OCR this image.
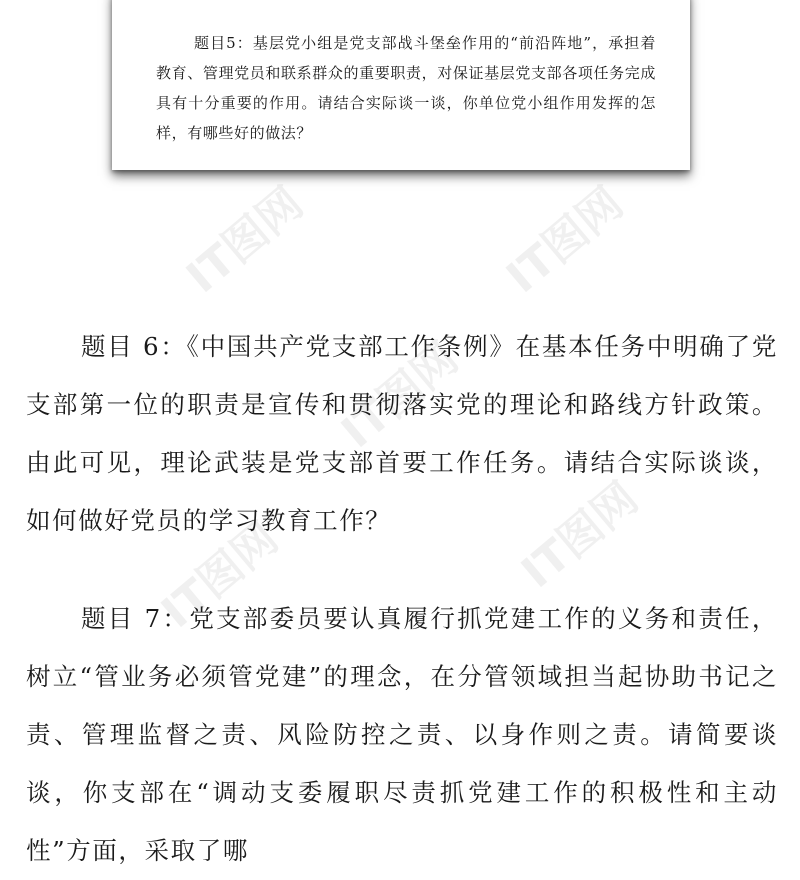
IT图网	IT图网
IT图网
IT图网
IT图网

题目5：基层党小组是党支部战斗堡垒作用的“前沿阵地”，承担着教育、管理党员和联系群众的重要职责，对保证基层党支部各项任务完成具有十分重要的作用。请结合实际谈一谈，你单位党小组作用发挥的怎样，有哪些好的做法？

题目 6：《中国共产党支部工作条例》在基本任务中明确了党支部第一位的职责是宣传和贯彻落实党的理论和路线方针政策。由此可见，理论武装是党支部首要工作任务。请结合实际谈谈，如何做好党员的学习教育工作？

题目 7：党支部委员要认真履行抓党建工作的义务和责任，树立“管业务必须管党建”的理念，在分管领域担当起协助书记之责、管理监督之责、风险防控之责、以身作则之责。请简要谈谈，你支部在“调动支委履职尽责抓党建工作的积极性和主动性”方面，采取了哪
